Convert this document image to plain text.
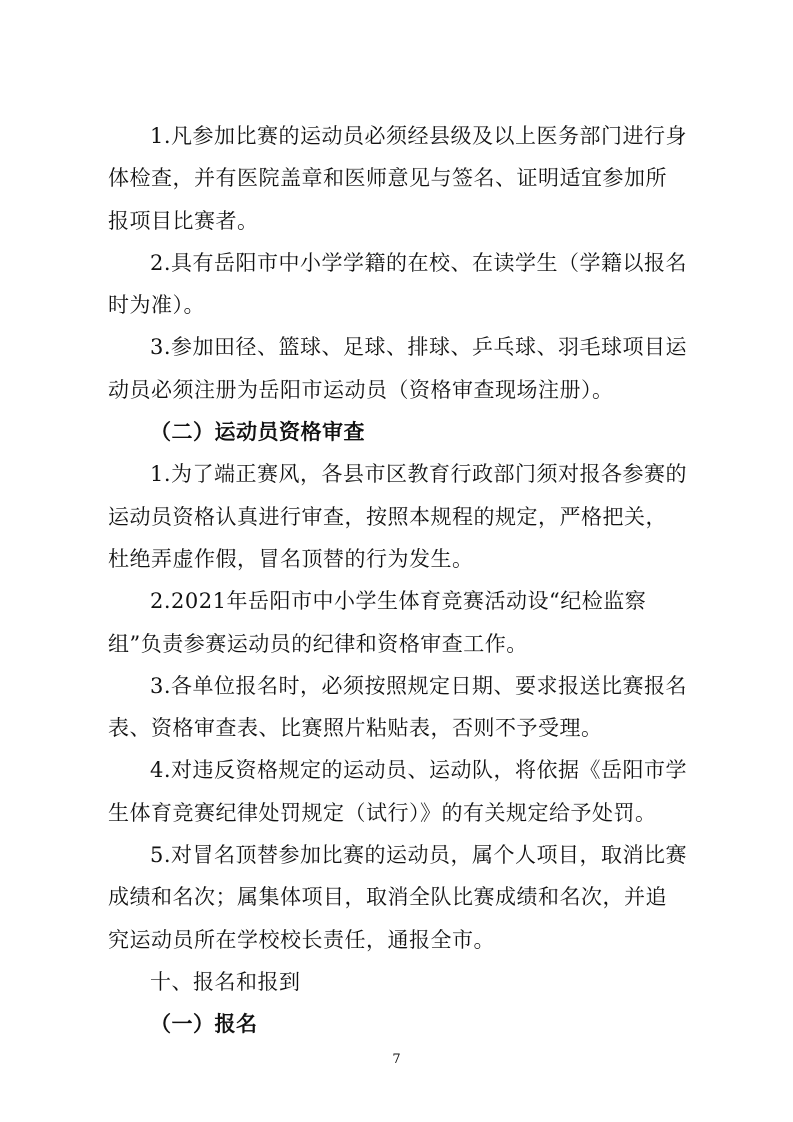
1.凡参加比赛的运动员必须经县级及以上医务部门进行身体检查，并有医院盖章和医师意见与签名、证明适宜参加所报项目比赛者。

2.具有岳阳市中小学学籍的在校、在读学生（学籍以报名时为准）。

3.参加田径、篮球、足球、排球、乒乓球、羽毛球项目运动员必须注册为岳阳市运动员（资格审查现场注册）。

（二）运动员资格审查

1.为了端正赛风，各县市区教育行政部门须对报各参赛的运动员资格认真进行审查，按照本规程的规定，严格把关，杜绝弄虚作假，冒名顶替的行为发生。

2.2021年岳阳市中小学生体育竞赛活动设“纪检监察组”负责参赛运动员的纪律和资格审查工作。

3.各单位报名时，必须按照规定日期、要求报送比赛报名表、资格审查表、比赛照片粘贴表，否则不予受理。

4.对违反资格规定的运动员、运动队，将依据《岳阳市学生体育竞赛纪律处罚规定（试行）》的有关规定给予处罚。

5.对冒名顶替参加比赛的运动员，属个人项目，取消比赛成绩和名次；属集体项目，取消全队比赛成绩和名次，并追究运动员所在学校校长责任，通报全市。

十、报名和报到

（一）报名

7
